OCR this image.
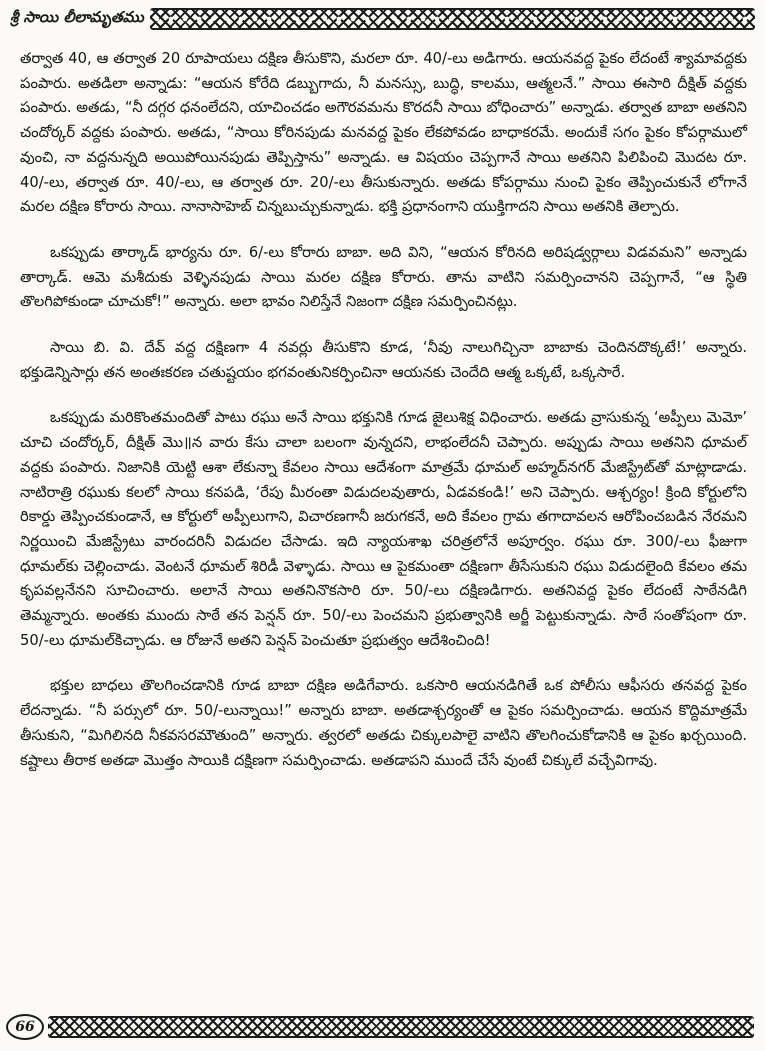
శ్రీ సాయి లీలామృతము

తర్వాత 40, ఆ తర్వాత 20 రూపాయలు దక్షిణ తీసుకొని, మరలా రూ. 40/-లు అడిగారు. ఆయనవద్ద పైకం లేదంటే శ్యామావద్దకు పంపారు. అతడిలా అన్నాడు: “ఆయన కోరేది డబ్బుగాదు, నీ మనస్సు, బుద్ధి, కాలము, ఆత్మలనే.” సాయి ఈసారి దీక్షిత్ వద్దకు పంపారు. అతడు, “నీ దగ్గర ధనంలేదని, యాచించడం అగౌరవమను కొరదనీ సాయి బోధించారు” అన్నాడు. తర్వాత బాబా అతనిని చందోర్కర్ వద్దకు పంపారు. అతడు, “సాయి కోరినపుడు మనవద్ద పైకం లేకపోవడం బాధాకరమే. అందుకే సగం పైకం కోపర్గాములో వుంచి, నా వద్దనున్నది అయిపోయినపుడు తెప్పిస్తాను” అన్నాడు. ఆ విషయం చెప్పగానే సాయి అతనిని పిలిపించి మొదట రూ. 40/-లు, తర్వాత రూ. 40/-లు, ఆ తర్వాత రూ. 20/-లు తీసుకున్నారు. అతడు కోపర్గాము నుంచి పైకం తెప్పించుకునే లోగానే మరల దక్షిణ కోరారు సాయి. నానాసాహెబ్ చిన్నబుచ్చుకున్నాడు. భక్తి ప్రధానంగాని యుక్తిగాదని సాయి అతనికి తెల్పారు.

ఒకప్పుడు తార్కాడ్ భార్యను రూ. 6/-లు కోరారు బాబా. అది విని, “ఆయన కోరినది అరిషడ్వర్గాలు విడవమని” అన్నాడు తార్కాడ్. ఆమె మశీదుకు వెళ్ళినపుడు సాయి మరల దక్షిణ కోరారు. తాను వాటిని సమర్పించానని చెప్పగానే, “ఆ స్థితి తొలగిపోకుండా చూచుకో!” అన్నారు. అలా భావం నిలిస్తేనే నిజంగా దక్షిణ సమర్పించినట్లు.

సాయి బి. వి. దేవ్ వద్ద దక్షిణగా 4 నవర్లు తీసుకొని కూడ, ‘నీవు నాలుగిచ్చినా బాబాకు చెందినదొక్కటే!’ అన్నారు. భక్తుడెన్నిసార్లు తన అంతఃకరణ చతుష్టయం భగవంతునికర్పించినా ఆయనకు చెందేది ఆత్మ ఒక్కటే, ఒక్కసారే.

ఒకప్పుడు మరికొంతమందితో పాటు రఘు అనే సాయి భక్తునికి గూడ జైలుశిక్ష విధించారు. అతడు వ్రాసుకున్న ‘అప్పీలు మెమో’ చూచి చందోర్కర్, దీక్షిత్ మొ॥న వారు కేసు చాలా బలంగా వున్నదని, లాభంలేదనీ చెప్పారు. అప్పుడు సాయి అతనిని ధూమల్ వద్దకు పంపారు. నిజానికి యెట్టి ఆశా లేకున్నా కేవలం సాయి ఆదేశంగా మాత్రమే ధూమల్ అహ్మద్‌నగర్ మేజిస్ట్రేట్‌తో మాట్లాడాడు. నాటిరాత్రి రఘుకు కలలో సాయి కనపడి, ‘రేపు మీరంతా విడుదలవుతారు, ఏడవకండి!’ అని చెప్పారు. ఆశ్చర్యం! క్రింది కోర్టులోని రికార్డు తెప్పించకుండానే, ఆ కోర్టులో అప్పీలుగాని, విచారణగానీ జరుగకనే, అది కేవలం గ్రామ తగాదావలన ఆరోపించబడిన నేరమని నిర్ణయించి మేజిస్ట్రేటు వారందరినీ విడుదల చేసాడు. ఇది న్యాయశాఖ చరిత్రలోనే అపూర్వం. రఘు రూ. 300/-లు ఫీజుగా ధూమల్‌కు చెల్లించాడు. వెంటనే ధూమల్ శిరిడీ వెళ్ళాడు. సాయి ఆ పైకమంతా దక్షిణగా తీసేసుకుని రఘు విడుదలైంది కేవలం తమ కృపవల్లనేనని సూచించారు. అలానే సాయి అతనినొకసారి రూ. 50/-లు దక్షిణడిగారు. అతనివద్ద పైకం లేదంటే సాఠేనడిగి తెమ్మన్నారు. అంతకు ముందు సాఠే తన పెన్షన్ రూ. 50/-లు పెంచమని ప్రభుత్వానికి అర్జీ పెట్టుకున్నాడు. సాఠే సంతోషంగా రూ. 50/-లు ధూమల్‌కిచ్చాడు. ఆ రోజునే అతని పెన్షన్ పెంచుతూ ప్రభుత్వం ఆదేశించింది!

భక్తుల బాధలు తొలగించడానికి గూడ బాబా దక్షిణ అడిగేవారు. ఒకసారి ఆయనడిగితే ఒక పోలీసు ఆఫీసరు తనవద్ద పైకం లేదన్నాడు. “నీ పర్సులో రూ. 50/-లున్నాయి!” అన్నారు బాబా. అతడాశ్చర్యంతో ఆ పైకం సమర్పించాడు. ఆయన కొద్దిమాత్రమే తీసుకుని, “మిగిలినది నీకవసరమౌతుంది” అన్నారు. త్వరలో అతడు చిక్కులపాలై వాటిని తొలగించుకోడానికి ఆ పైకం ఖర్చయింది. కష్టాలు తీరాక అతడా మొత్తం సాయికి దక్షిణగా సమర్పించాడు. అతడాపని ముందే చేసే వుంటే చిక్కులే వచ్చేవిగావు.

66
